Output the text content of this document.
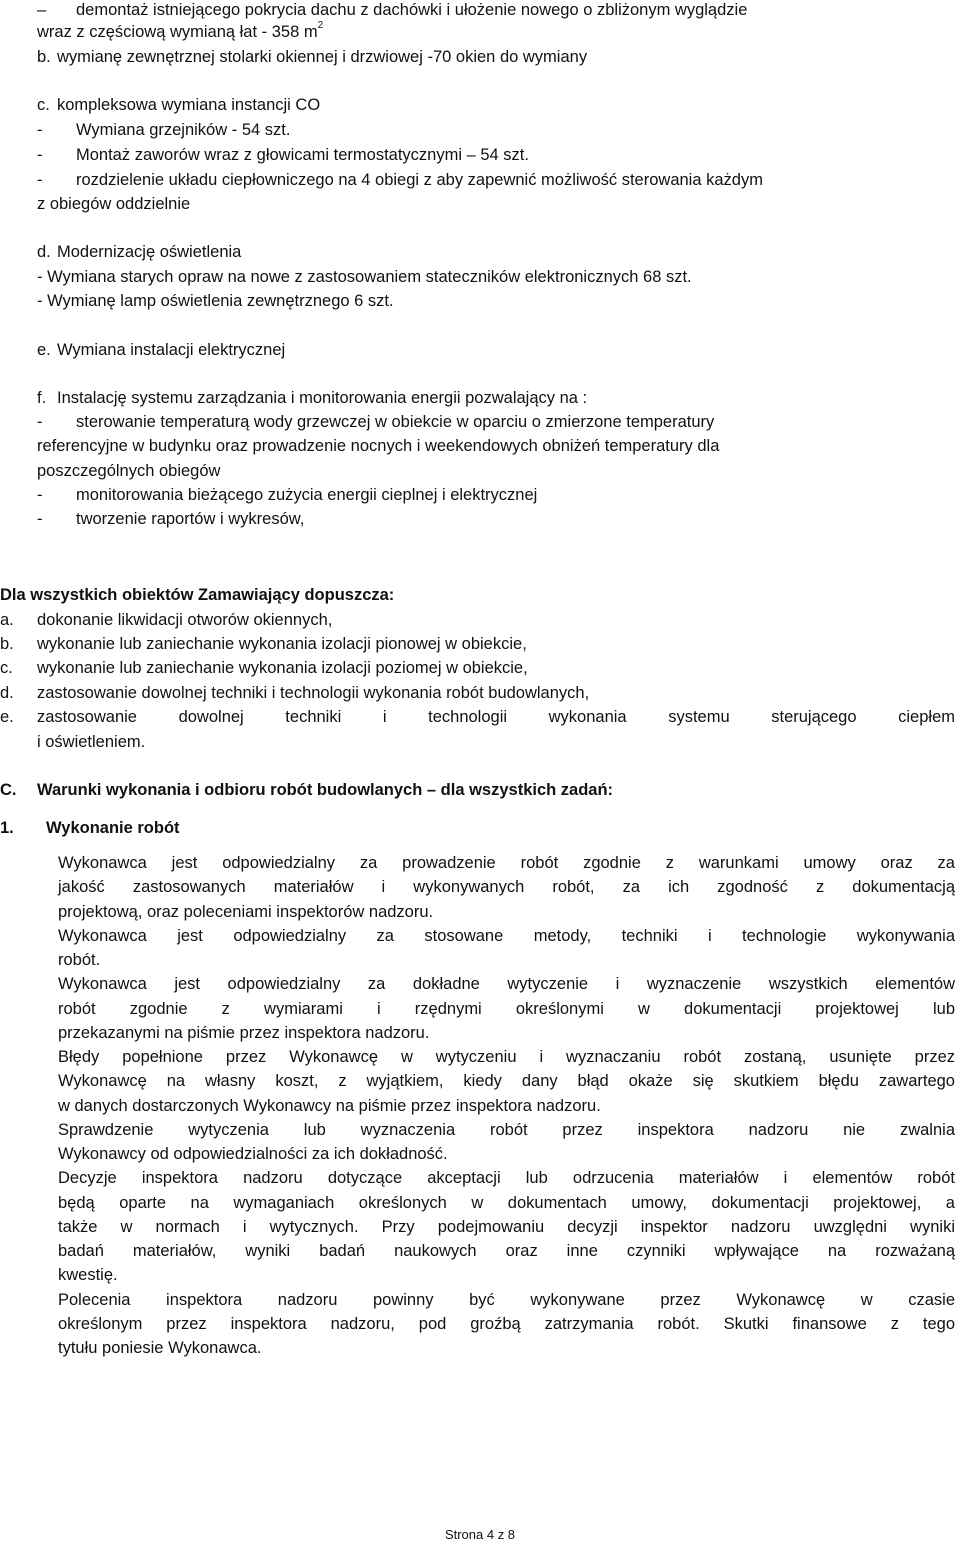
– demontaż istniejącego pokrycia dachu z dachówki i ułożenie nowego o zbliżonym wyglądzie
wraz z częściową wymianą łat - 358 $m^2$
b. wymianę zewnętrznej stolarki okiennej i drzwiowej -70 okien do wymiany
c. kompleksowa wymiana instancji CO
- Wymiana grzejników - 54 szt.
- Montaż zaworów wraz z głowicami termostatycznymi – 54 szt.
- rozdzielenie układu ciepłowniczego na 4 obiegi z aby zapewnić możliwość sterowania każdym
z obiegów oddzielnie
d. Modernizację oświetlenia
- Wymiana starych opraw na nowe z zastosowaniem stateczników elektronicznych 68 szt.
- Wymianę lamp oświetlenia zewnętrznego 6 szt.
e. Wymiana instalacji elektrycznej
f. Instalację systemu zarządzania i monitorowania energii pozwalający na :
- sterowanie temperaturą wody grzewczej w obiekcie w oparciu o zmierzone temperatury
referencyjne w budynku oraz prowadzenie nocnych i weekendowych obniżeń temperatury dla
poszczególnych obiegów
- monitorowania bieżącego zużycia energii cieplnej i elektrycznej
- tworzenie raportów i wykresów,
Dla wszystkich obiektów Zamawiający dopuszcza:
a. dokonanie likwidacji otworów okiennych,
b. wykonanie lub zaniechanie wykonania izolacji pionowej w obiekcie,
c. wykonanie lub zaniechanie wykonania izolacji poziomej w obiekcie,
d. zastosowanie dowolnej techniki i technologii wykonania robót budowlanych,
e. zastosowanie dowolnej techniki i technologii wykonania systemu sterującego ciepłem
i oświetleniem.
C. Warunki wykonania i odbioru robót budowlanych – dla wszystkich zadań:
1. Wykonanie robót
Wykonawca jest odpowiedzialny za prowadzenie robót zgodnie z warunkami umowy oraz za
jakość zastosowanych materiałów i wykonywanych robót, za ich zgodność z dokumentacją
projektową, oraz poleceniami inspektorów nadzoru.
Wykonawca jest odpowiedzialny za stosowane metody, techniki i technologie wykonywania
robót.
Wykonawca jest odpowiedzialny za dokładne wytyczenie i wyznaczenie wszystkich elementów
robót zgodnie z wymiarami i rzędnymi określonymi w dokumentacji projektowej lub
przekazanymi na piśmie przez inspektora nadzoru.
Błędy popełnione przez Wykonawcę w wytyczeniu i wyznaczaniu robót zostaną, usunięte przez
Wykonawcę na własny koszt, z wyjątkiem, kiedy dany błąd okaże się skutkiem błędu zawartego
w danych dostarczonych Wykonawcy na piśmie przez inspektora nadzoru.
Sprawdzenie wytyczenia lub wyznaczenia robót przez inspektora nadzoru nie zwalnia
Wykonawcy od odpowiedzialności za ich dokładność.
Decyzje inspektora nadzoru dotyczące akceptacji lub odrzucenia materiałów i elementów robót
będą oparte na wymaganiach określonych w dokumentach umowy, dokumentacji projektowej, a
także w normach i wytycznych. Przy podejmowaniu decyzji inspektor nadzoru uwzględni wyniki
badań materiałów, wyniki badań naukowych oraz inne czynniki wpływające na rozważaną
kwestię.
Polecenia inspektora nadzoru powinny być wykonywane przez Wykonawcę w czasie
określonym przez inspektora nadzoru, pod groźbą zatrzymania robót. Skutki finansowe z tego
tytułu poniesie Wykonawca.
Strona 4 z 8
